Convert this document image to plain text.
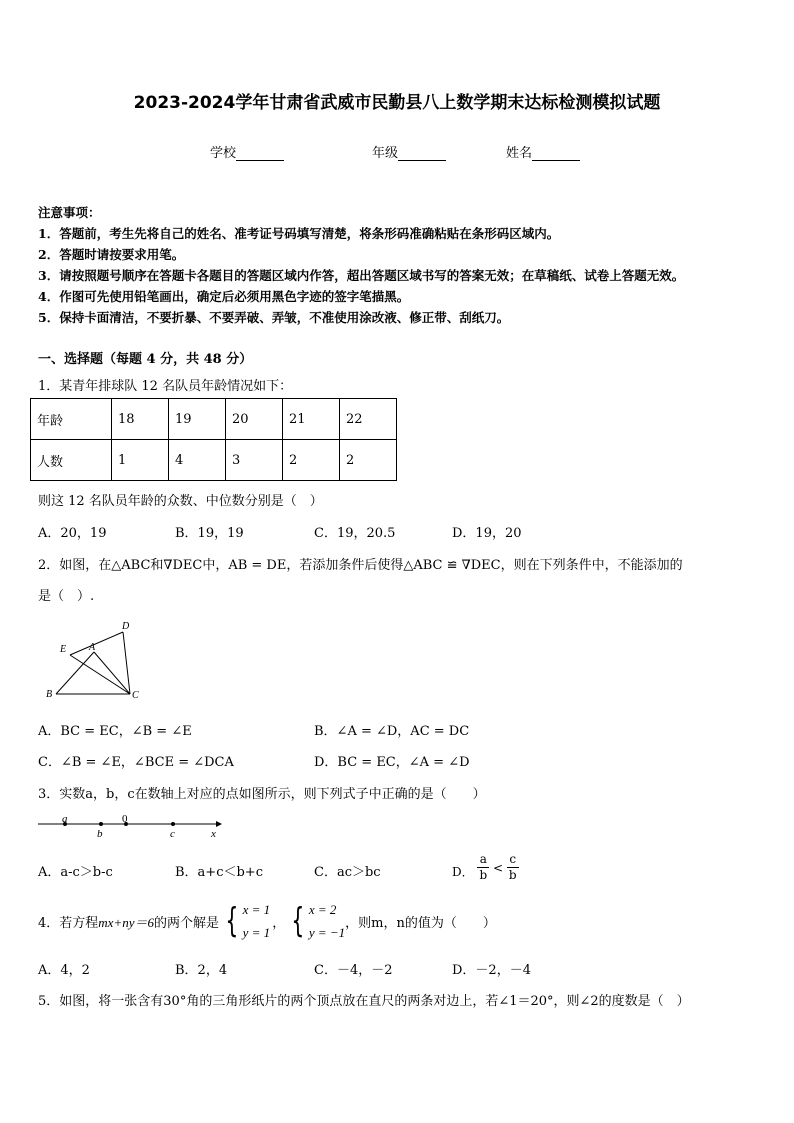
2023-2024学年甘肃省武威市民勤县八上数学期末达标检测模拟试题
学校	年级	姓名
注意事项：
1．答题前，考生先将自己的姓名、准考证号码填写清楚，将条形码准确粘贴在条形码区域内。
2．答题时请按要求用笔。
3．请按照题号顺序在答题卡各题目的答题区域内作答，超出答题区域书写的答案无效；在草稿纸、试卷上答题无效。
4．作图可先使用铅笔画出，确定后必须用黑色字迹的签字笔描黑。
5．保持卡面清洁，不要折暴、不要弄破、弄皱，不准使用涂改液、修正带、刮纸刀。
一、选择题（每题 4 分，共 48 分）
1．某青年排球队 12 名队员年龄情况如下：
年龄	18	19	20	21	22
人数	1	4	3	2	2
则这 12 名队员年龄的众数、中位数分别是（　）
A．20，19	B．19，19	C．19，20.5	D．19，20
2．如图，在△ABC和∇DEC中，AB = DE，若添加条件后使得△ABC ≌ ∇DEC，则在下列条件中，不能添加的
是（　）.
D
E A
B	C
A．BC = EC，∠B = ∠E	B．∠A = ∠D，AC = DC
C．∠B = ∠E，∠BCE = ∠DCA	D．BC = EC，∠A = ∠D
3．实数a，b，c在数轴上对应的点如图所示，则下列式子中正确的是（　　）
a
b
0
c	x
A．a-c＞b-c	B．a+c＜b+c	C．ac＞bc	D． $\frac{a}{b} < \frac{c}{b}$
4．若方程 mx+ny＝6 的两个解是 { x = 1
y = 1
， { x = 2
y = −1
，则m，n的值为（　　）
A．4，2	B．2，4	C．－4，－2	D．－2，－4
5．如图，将一张含有30°角的三角形纸片的两个顶点放在直尺的两条对边上，若∠1＝20°，则∠2的度数是（　）
